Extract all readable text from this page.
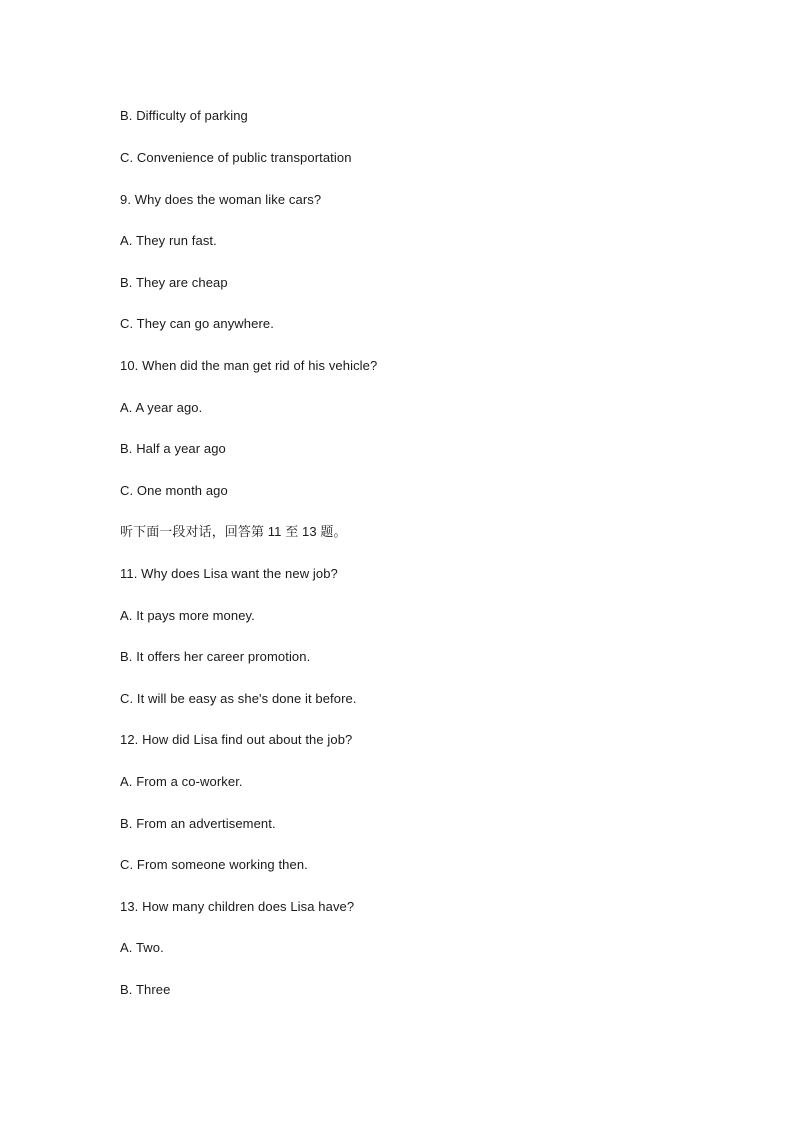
B. Difficulty of parking

C. Convenience of public transportation

9. Why does the woman like cars?

A. They run fast.

B. They are cheap

C. They can go anywhere.

10. When did the man get rid of his vehicle?

A. A year ago.

B. Half a year ago

C. One month ago

听下面一段对话，回答第 11 至 13 题。

11. Why does Lisa want the new job?

A. It pays more money.

B. It offers her career promotion.

C. It will be easy as she's done it before.

12. How did Lisa find out about the job?

A. From a co-worker.

B. From an advertisement.

C. From someone working then.

13. How many children does Lisa have?

A. Two.

B. Three
